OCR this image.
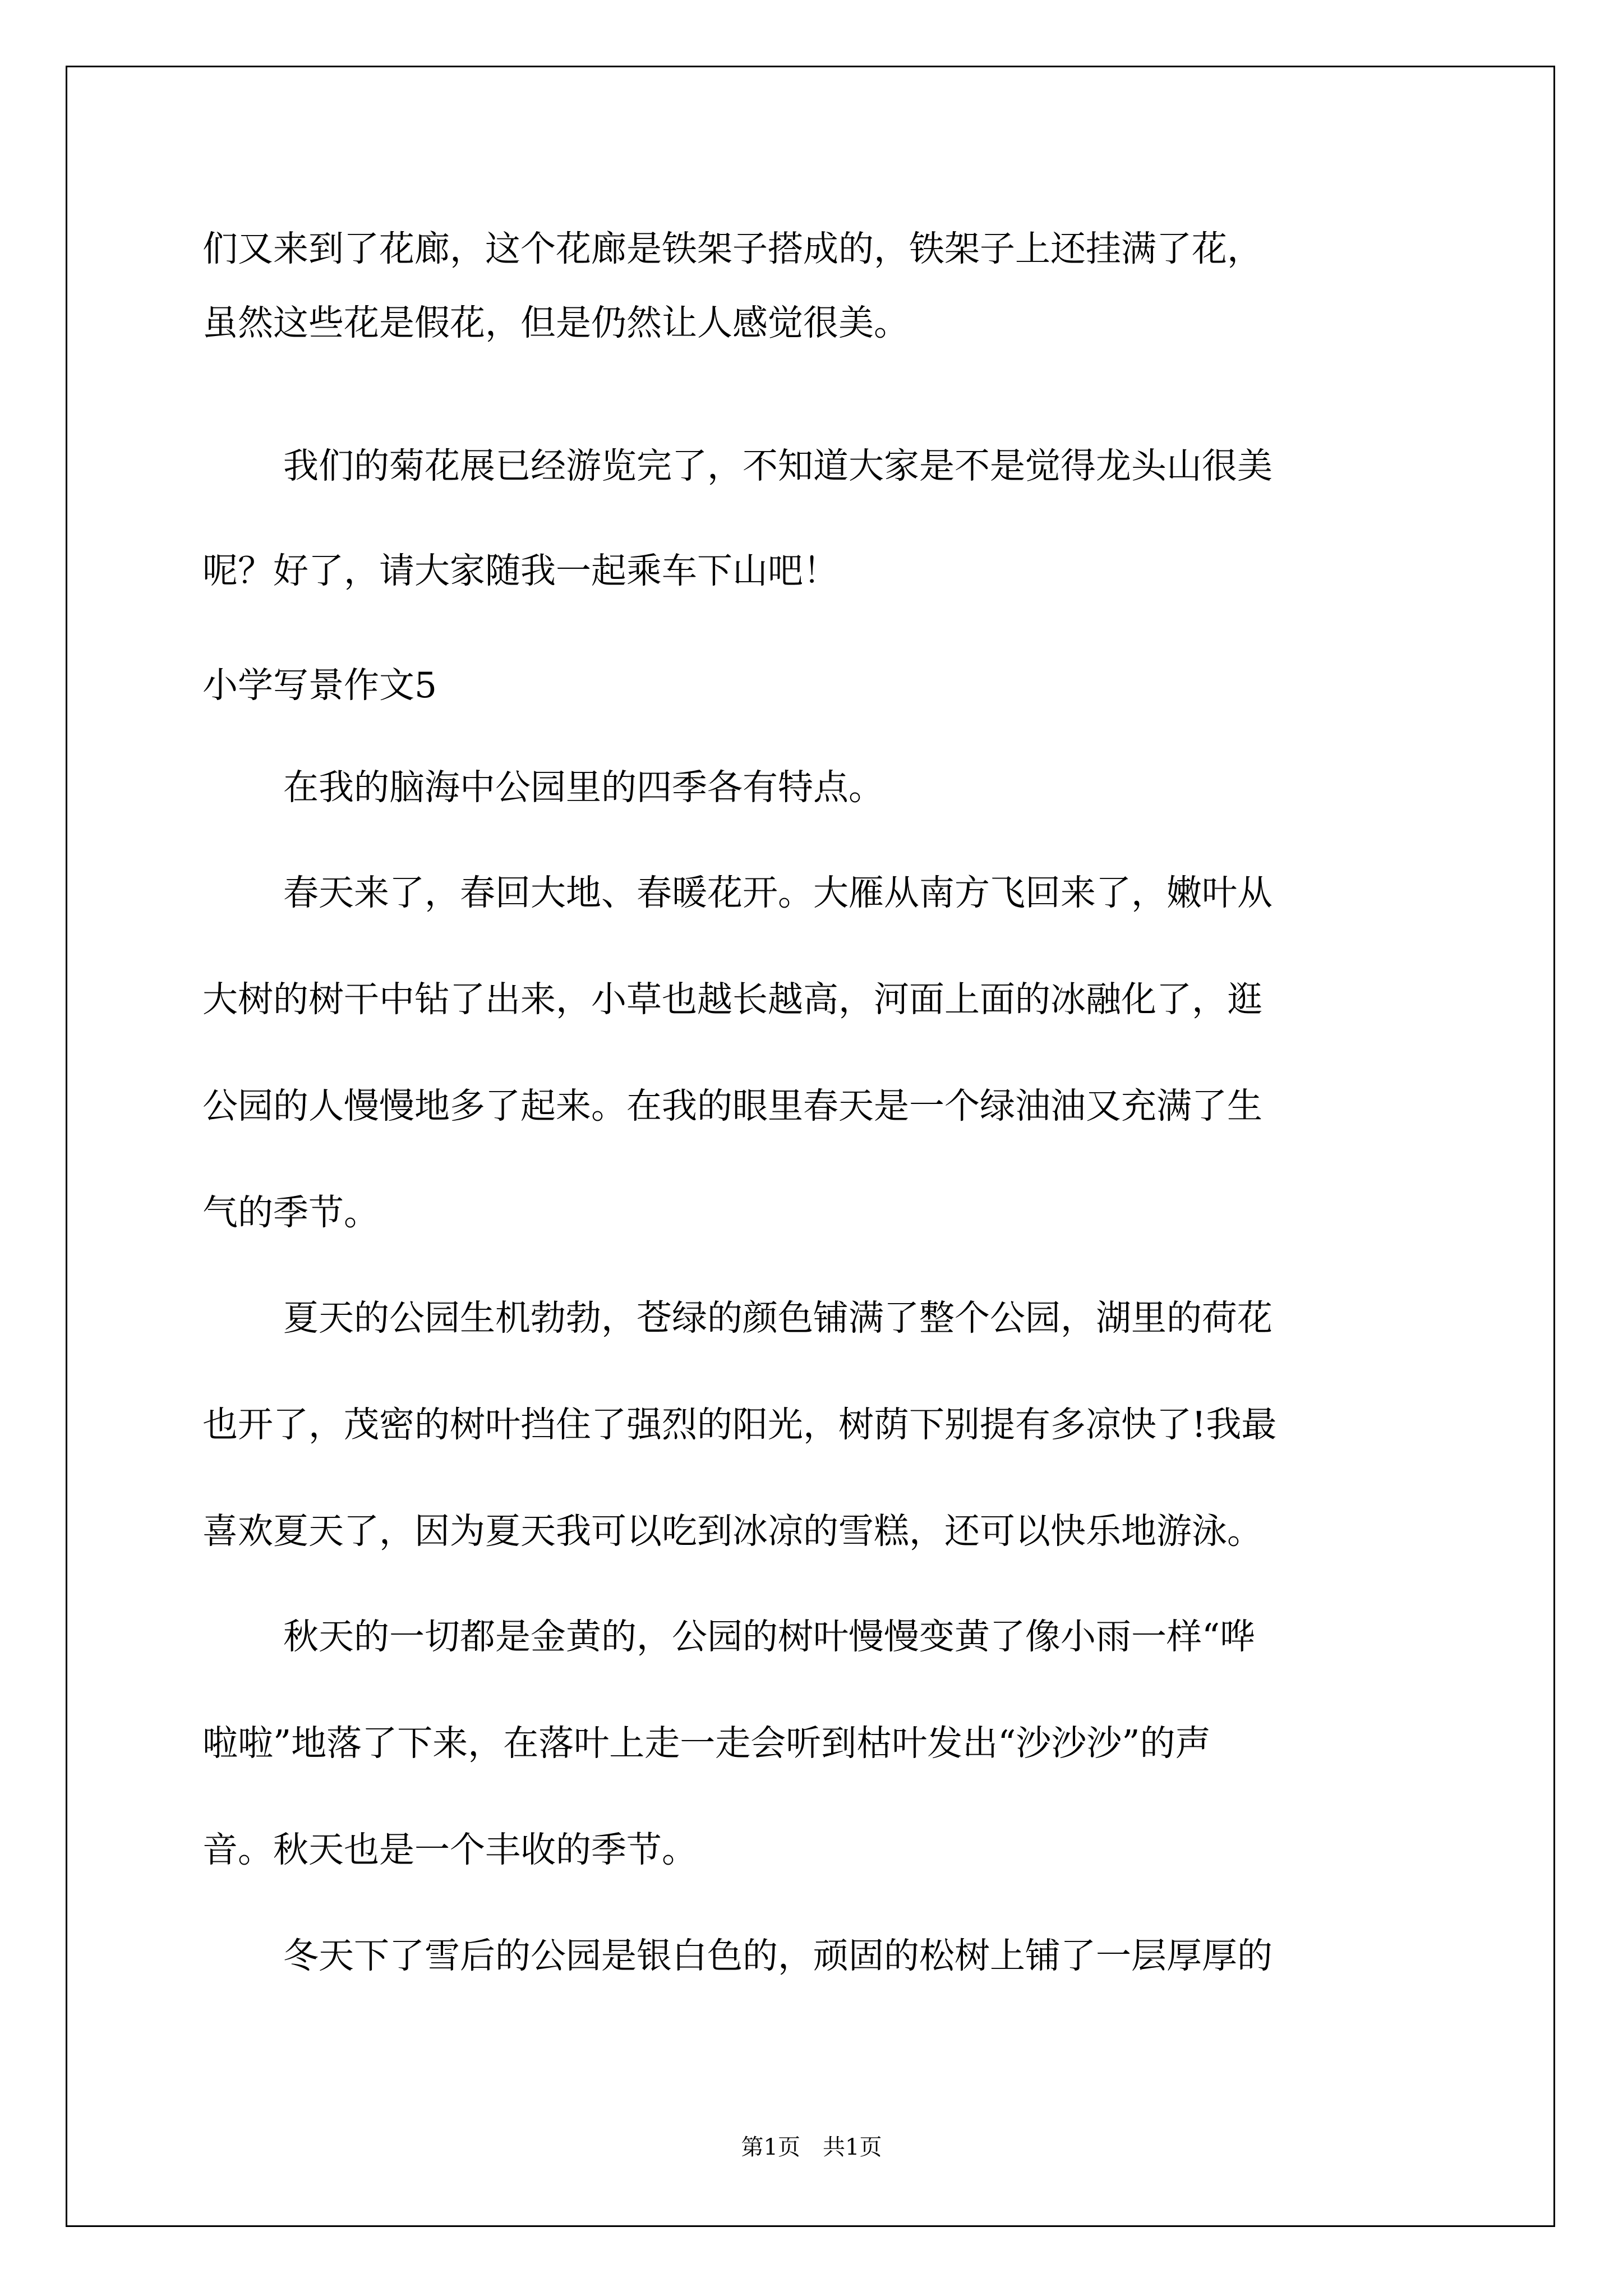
们又来到了花廊，这个花廊是铁架子搭成的，铁架子上还挂满了花，
虽然这些花是假花，但是仍然让人感觉很美。
我们的菊花展已经游览完了，不知道大家是不是觉得龙头山很美
呢？好了，请大家随我一起乘车下山吧！
小学写景作文5
在我的脑海中公园里的四季各有特点。
春天来了，春回大地、春暖花开。大雁从南方飞回来了，嫩叶从
大树的树干中钻了出来，小草也越长越高，河面上面的冰融化了，逛
公园的人慢慢地多了起来。在我的眼里春天是一个绿油油又充满了生
气的季节。
夏天的公园生机勃勃，苍绿的颜色铺满了整个公园，湖里的荷花
也开了，茂密的树叶挡住了强烈的阳光，树荫下别提有多凉快了!我最
喜欢夏天了，因为夏天我可以吃到冰凉的雪糕，还可以快乐地游泳。
秋天的一切都是金黄的，公园的树叶慢慢变黄了像小雨一样“哗
啦啦”地落了下来，在落叶上走一走会听到枯叶发出“沙沙沙”的声
音。秋天也是一个丰收的季节。
冬天下了雪后的公园是银白色的，顽固的松树上铺了一层厚厚的
第1页　共1页
